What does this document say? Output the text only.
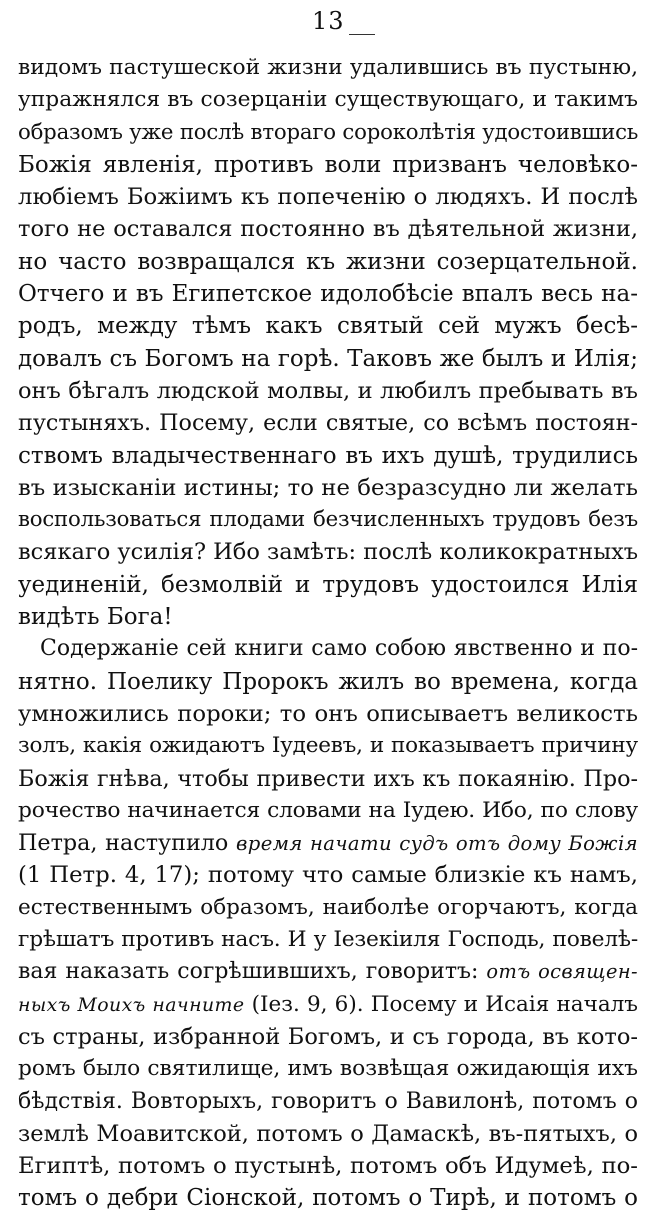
13
видомъ пастушеской жизни удалившись въ пустыню,
упражнялся въ созерцаніи существующаго, и такимъ
образомъ уже послѣ втораго сороколѣтія удостоившись
Божія явленія, противъ воли призванъ человѣко-
любіемъ Божіимъ къ попеченію о людяхъ. И послѣ
того не оставался постоянно въ дѣятельной жизни,
но часто возвращался къ жизни созерцательной.
Отчего и въ Египетское идолобѣсіе впалъ весь на-
родъ, между тѣмъ какъ святый сей мужъ бесѣ-
довалъ съ Богомъ на горѣ. Таковъ же былъ и Илія;
онъ бѣгалъ людской молвы, и любилъ пребывать въ
пустыняхъ. Посему, если святые, со всѣмъ постоян-
ствомъ владычественнаго въ ихъ душѣ, трудились
въ изысканіи истины; то не безразсудно ли желать
воспользоваться плодами безчисленныхъ трудовъ безъ
всякаго усилія? Ибо замѣть: послѣ коликократныхъ
уединеній, безмолвій и трудовъ удостоился Илія
видѣть Бога!
Содержаніе сей книги само собою явственно и по-
нятно. Поелику Пророкъ жилъ во времена, когда
умножились пороки; то онъ описываетъ великость
золъ, какія ожидаютъ Іудеевъ, и показываетъ причину
Божія гнѣва, чтобы привести ихъ къ покаянію. Про-
рочество начинается словами на Іудею. Ибо, по слову
Петра, наступило время начати судъ отъ дому Божія
(1 Петр. 4, 17); потому что самые близкіе къ намъ,
естественнымъ образомъ, наиболѣе огорчаютъ, когда
грѣшатъ противъ насъ. И у Іезекіиля Господь, повелѣ-
вая наказать согрѣшившихъ, говоритъ: отъ освящен-
ныхъ Моихъ начните (Іез. 9, 6). Посему и Исаія началъ
съ страны, избранной Богомъ, и съ города, въ кото-
ромъ было святилище, имъ возвѣщая ожидающія ихъ
бѣдствія. Вовторыхъ, говоритъ о Вавилонѣ, потомъ о
землѣ Моавитской, потомъ о Дамаскѣ, въ-пятыхъ, о
Египтѣ, потомъ о пустынѣ, потомъ объ Идумеѣ, по-
томъ о дебри Сіонской, потомъ о Тирѣ, и потомъ о
